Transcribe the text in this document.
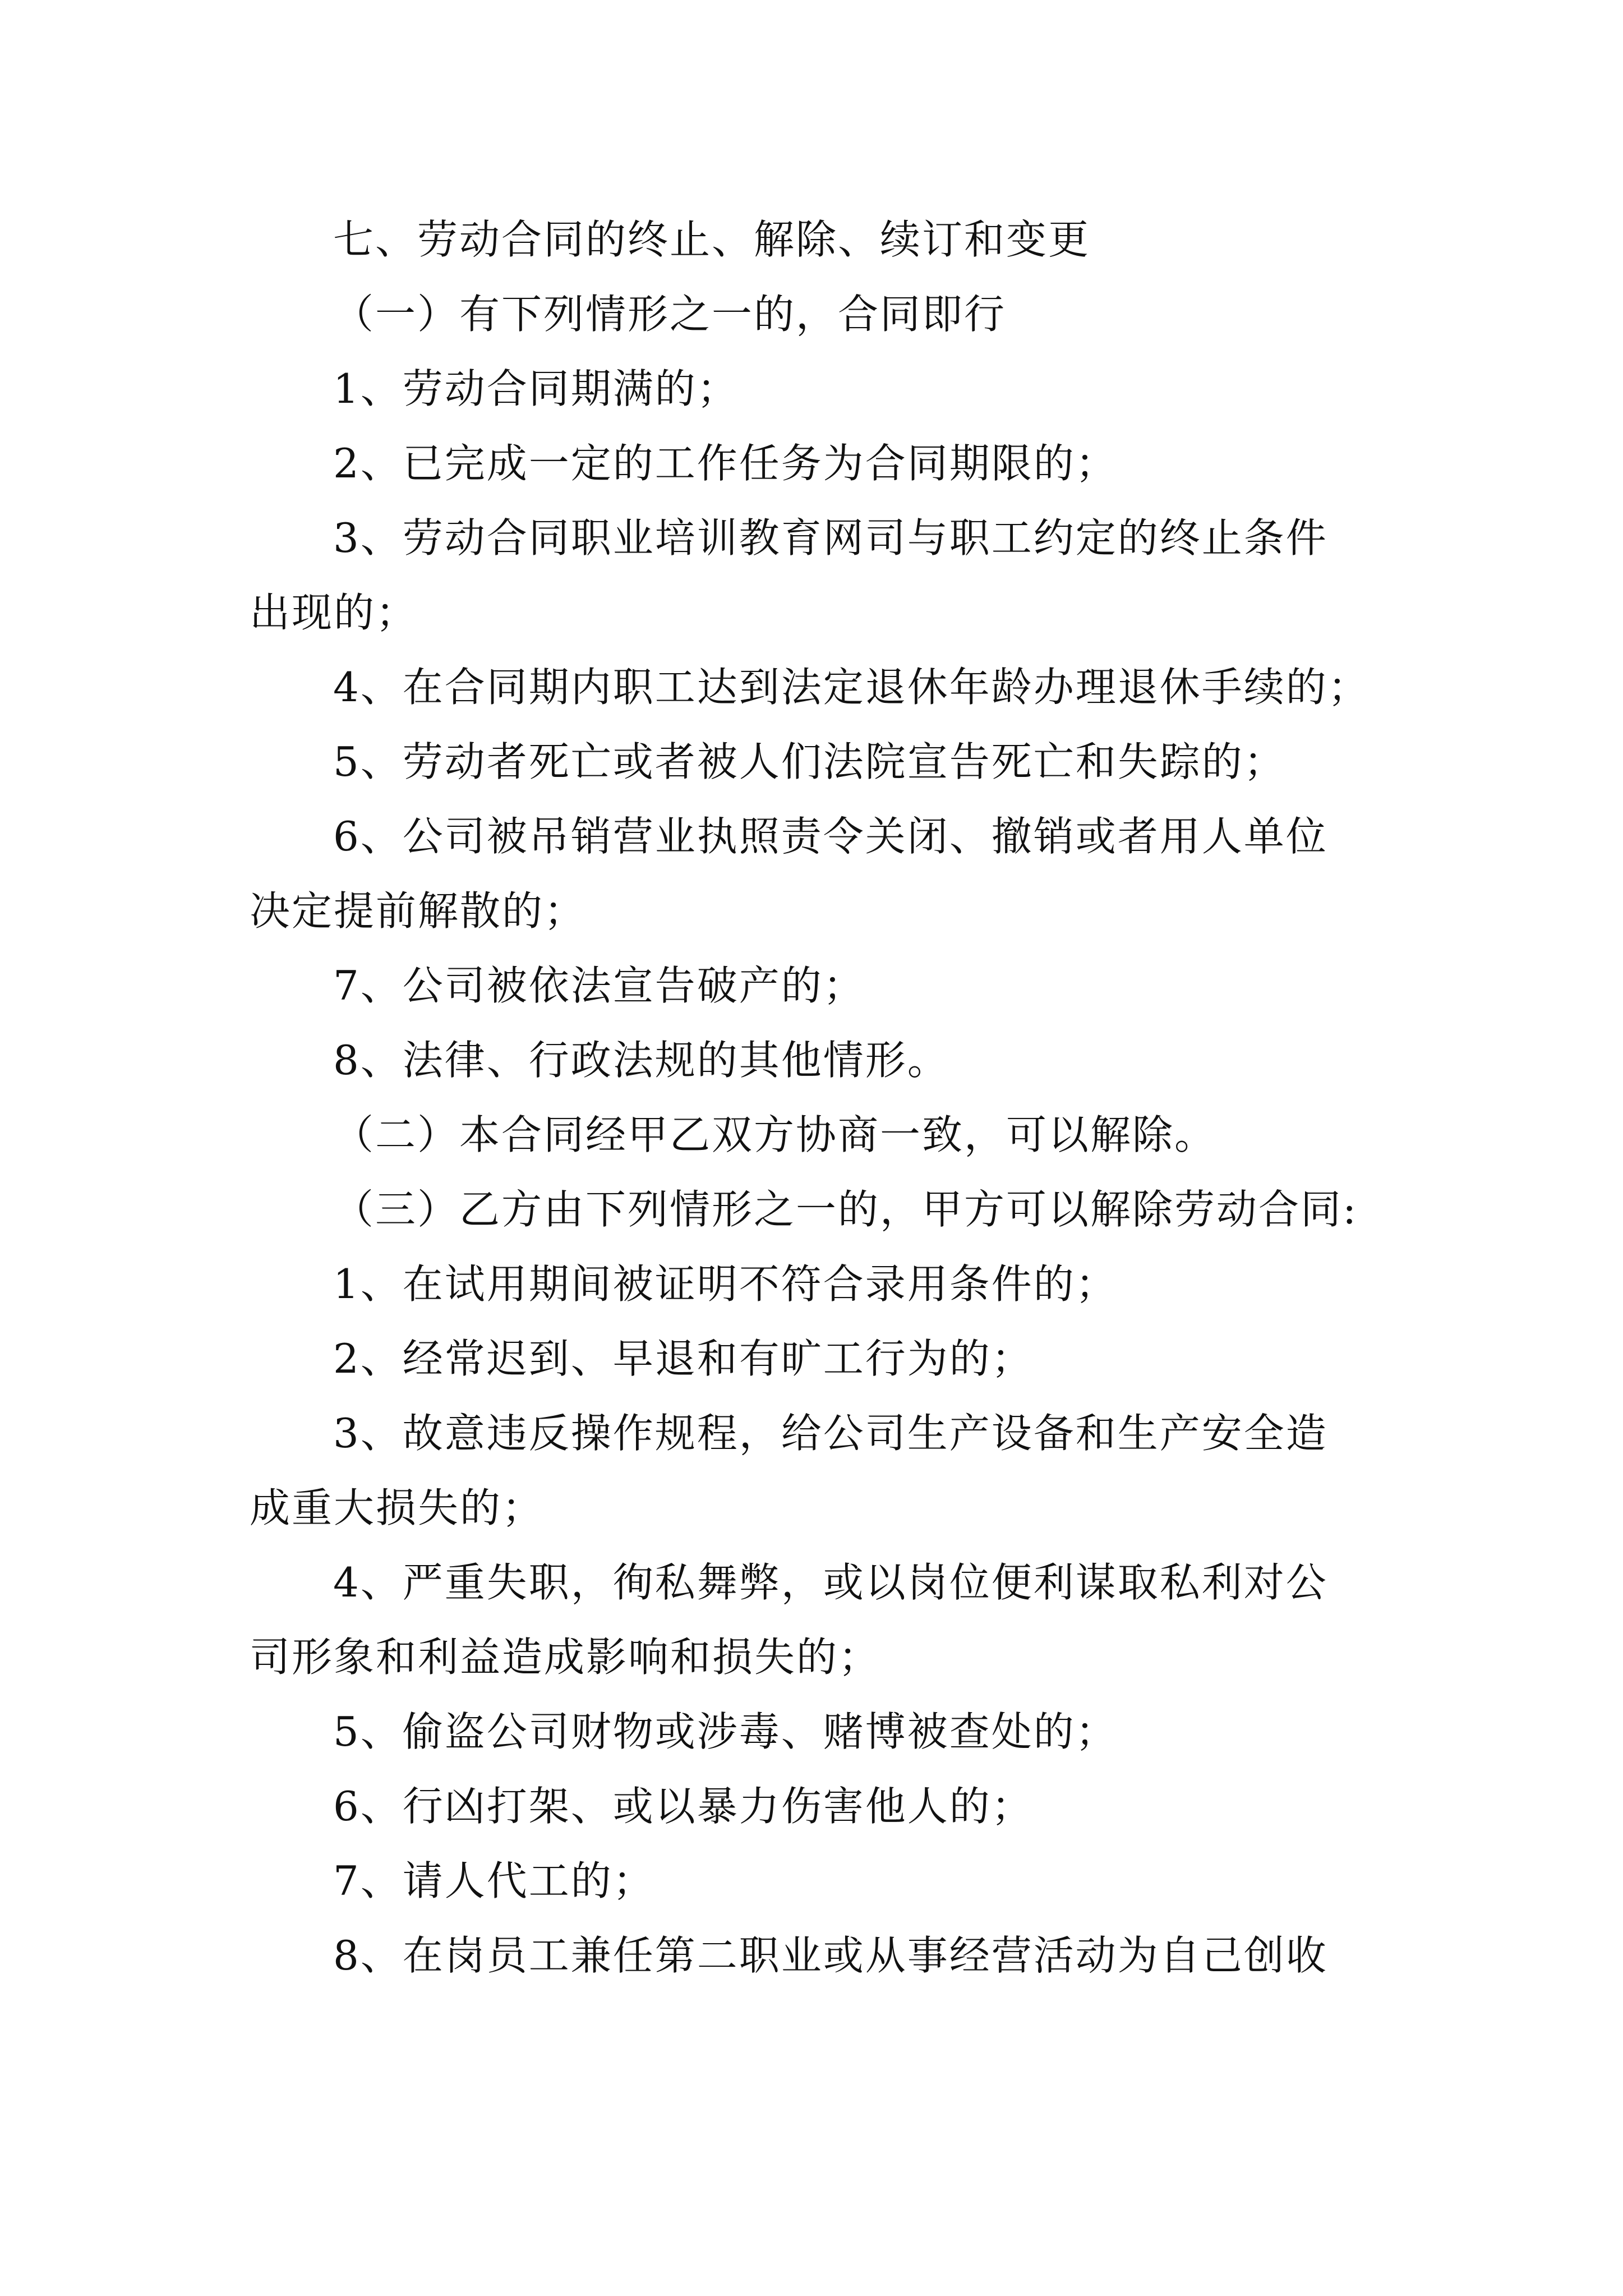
七、劳动合同的终止、解除、续订和变更
（一）有下列情形之一的，合同即行
1、劳动合同期满的；
2、已完成一定的工作任务为合同期限的；
3、劳动合同职业培训教育网司与职工约定的终止条件
出现的；
4、在合同期内职工达到法定退休年龄办理退休手续的；
5、劳动者死亡或者被人们法院宣告死亡和失踪的；
6、公司被吊销营业执照责令关闭、撤销或者用人单位
决定提前解散的；
7、公司被依法宣告破产的；
8、法律、行政法规的其他情形。
（二）本合同经甲乙双方协商一致，可以解除。
（三）乙方由下列情形之一的，甲方可以解除劳动合同:
1、在试用期间被证明不符合录用条件的；
2、经常迟到、早退和有旷工行为的；
3、故意违反操作规程，给公司生产设备和生产安全造
成重大损失的；
4、严重失职，徇私舞弊，或以岗位便利谋取私利对公
司形象和利益造成影响和损失的；
5、偷盗公司财物或涉毒、赌博被查处的；
6、行凶打架、或以暴力伤害他人的；
7、请人代工的；
8、在岗员工兼任第二职业或从事经营活动为自己创收
